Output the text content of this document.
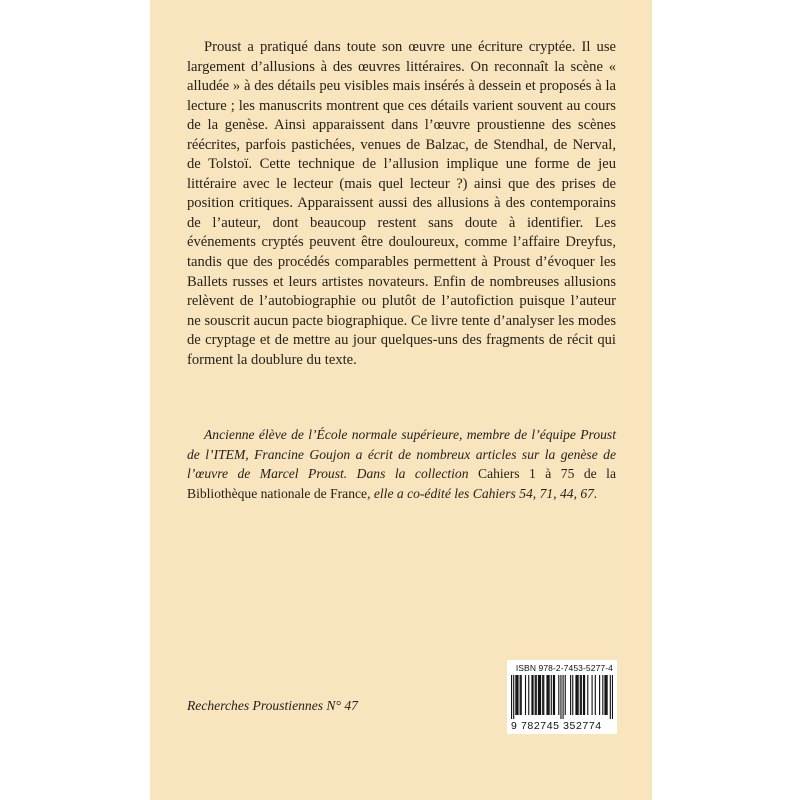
Proust a pratiqué dans toute son œuvre une écriture cryptée. Il use largement d’allusions à des œuvres littéraires. On reconnaît la scène « alludée » à des détails peu visibles mais insérés à dessein et proposés à la lecture ; les manuscrits montrent que ces détails varient souvent au cours de la genèse. Ainsi apparaissent dans l’œuvre proustienne des scènes réécrites, parfois pastichées, venues de Balzac, de Stendhal, de Nerval, de Tolstoï. Cette technique de l’allusion implique une forme de jeu littéraire avec le lecteur (mais quel lecteur ?) ainsi que des prises de position critiques. Apparaissent aussi des allusions à des contemporains de l’auteur, dont beaucoup restent sans doute à identifier. Les événements cryptés peuvent être douloureux, comme l’affaire Dreyfus, tandis que des procédés comparables permettent à Proust d’évoquer les Ballets russes et leurs artistes novateurs. Enfin de nombreuses allusions relèvent de l’autobiographie ou plutôt de l’autofiction puisque l’auteur ne souscrit aucun pacte biographique. Ce livre tente d’analyser les modes de cryptage et de mettre au jour quelques-uns des fragments de récit qui forment la doublure du texte.

Ancienne élève de l’École normale supérieure, membre de l’équipe Proust de l’ITEM, Francine Goujon a écrit de nombreux articles sur la genèse de l’œuvre de Marcel Proust. Dans la collection Cahiers 1 à 75 de la Bibliothèque nationale de France, elle a co-édité les Cahiers 54, 71, 44, 67.

Recherches Proustiennes N° 47
ISBN 978-2-7453-5277-4
9 782745 352774
